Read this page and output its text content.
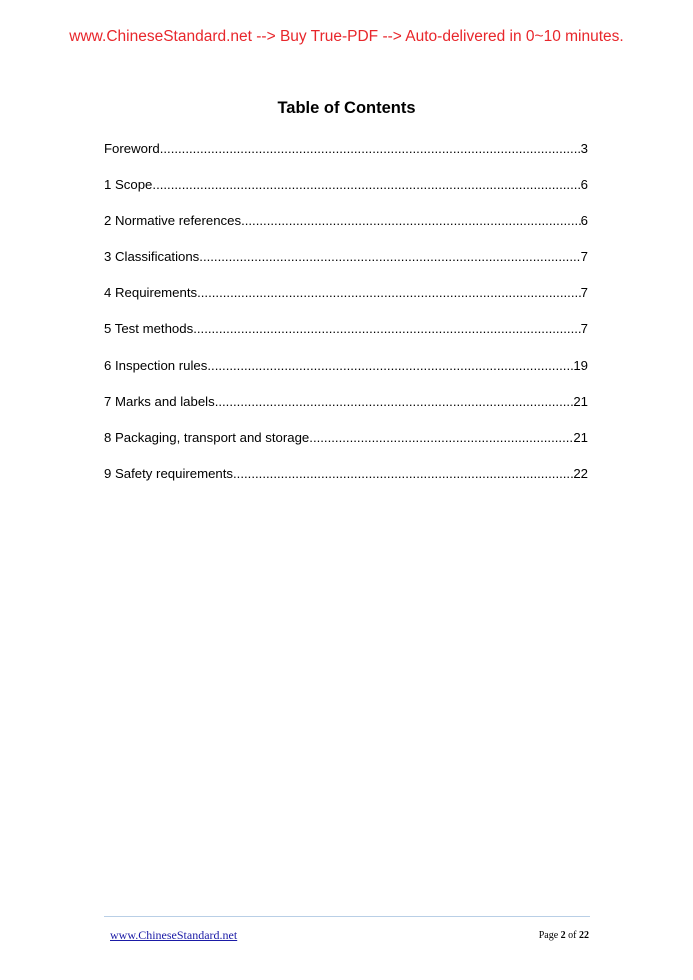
www.ChineseStandard.net --> Buy True-PDF --> Auto-delivered in 0~10 minutes.
Table of Contents
Foreword .....	3
1 Scope .....	6
2 Normative references .....	6
3 Classifications .....	7
4 Requirements .....	7
5 Test methods .....	7
6 Inspection rules .....	19
7 Marks and labels .....	21
8 Packaging, transport and storage .....	21
9 Safety requirements .....	22
www.ChineseStandard.net	Page 2 of 22
